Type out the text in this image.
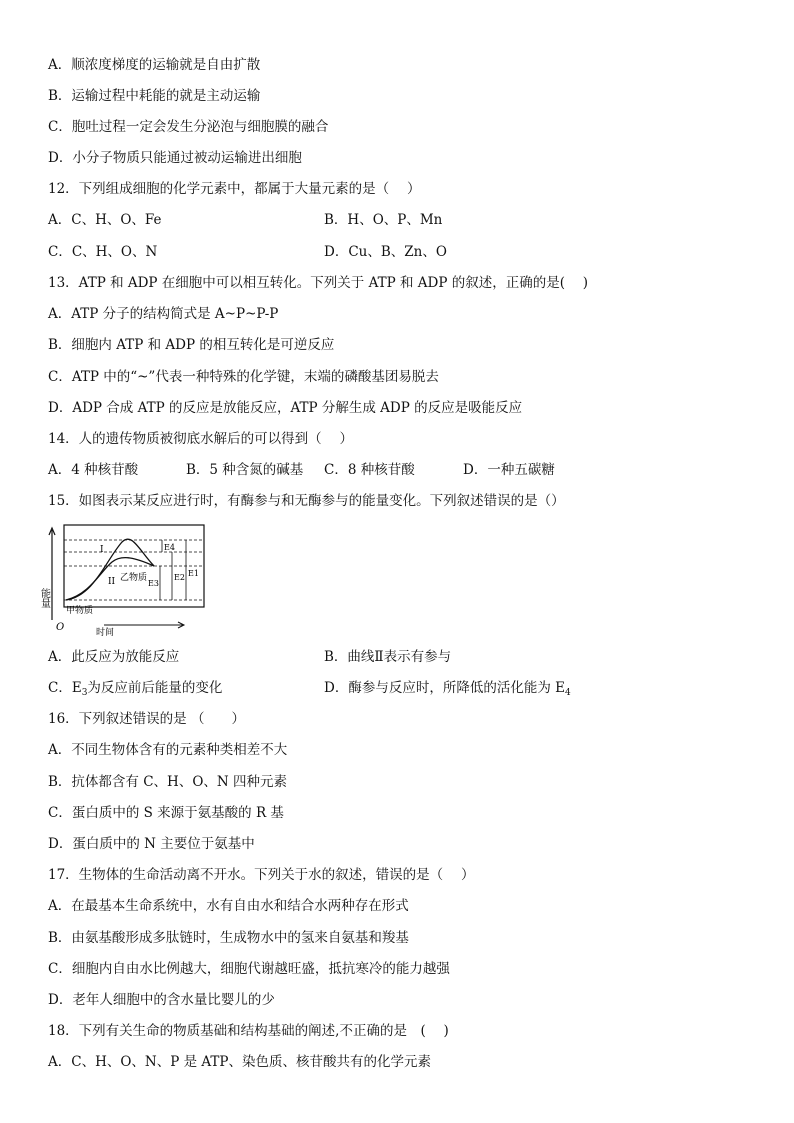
A．顺浓度梯度的运输就是自由扩散
B．运输过程中耗能的就是主动运输
C．胞吐过程一定会发生分泌泡与细胞膜的融合
D．小分子物质只能通过被动运输进出细胞
12．下列组成细胞的化学元素中，都属于大量元素的是（　 ）
A．C、H、O、Fe	B．H、O、P、Mn
C．C、H、O、N	D．Cu、B、Zn、O
13．ATP 和 ADP 在细胞中可以相互转化。下列关于 ATP 和 ADP 的叙述，正确的是(　 )
A．ATP 分子的结构简式是 A~P~P-P
B．细胞内 ATP 和 ADP 的相互转化是可逆反应
C．ATP 中的“~”代表一种特殊的化学键，末端的磷酸基团易脱去
D．ADP 合成 ATP 的反应是放能反应，ATP 分解生成 ADP 的反应是吸能反应
14．人的遗传物质被彻底水解后的可以得到（　 ）
A．4 种核苷酸	B．5 种含氮的碱基 C．8 种核苷酸	D．一种五碳糖
15．如图表示某反应进行时，有酶参与和无酶参与的能量变化。下列叙述错误的是（）
能量
O	时间
甲物质
乙物质
I
II
E4
E3
E2 E1
A．此反应为放能反应	B．曲线Ⅱ表示有参与
C．$E_3$为反应前后能量的变化	D．酶参与反应时，所降低的活化能为 $E_4$
16．下列叙述错误的是 （　　）
A．不同生物体含有的元素种类相差不大
B．抗体都含有 C、H、O、N 四种元素
C．蛋白质中的 S 来源于氨基酸的 R 基
D．蛋白质中的 N 主要位于氨基中
17．生物体的生命活动离不开水。下列关于水的叙述，错误的是（　 ）
A．在最基本生命系统中，水有自由水和结合水两种存在形式
B．由氨基酸形成多肽链时，生成物水中的氢来自氨基和羧基
C．细胞内自由水比例越大，细胞代谢越旺盛，抵抗寒冷的能力越强
D．老年人细胞中的含水量比婴儿的少
18．下列有关生命的物质基础和结构基础的阐述,不正确的是　(　 )
A．C、H、O、N、P 是 ATP、染色质、核苷酸共有的化学元素
